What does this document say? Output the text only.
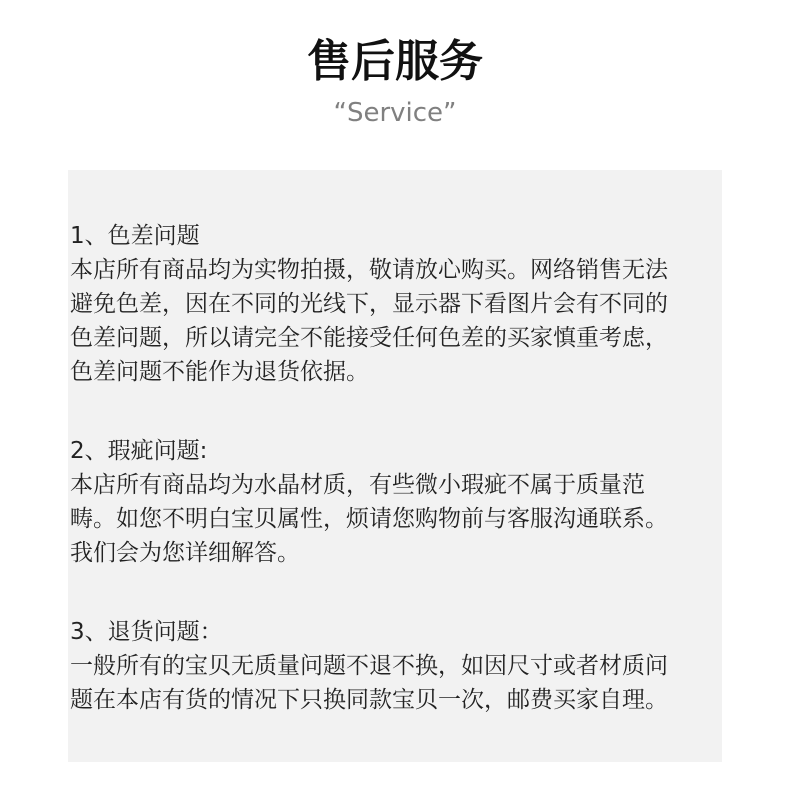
售后服务
“Service”
1、色差问题
本店所有商品均为实物拍摄，敬请放心购买。网络销售无法
避免色差，因在不同的光线下，显示器下看图片会有不同的
色差问题，所以请完全不能接受任何色差的买家慎重考虑，
色差问题不能作为退货依据。
2、瑕疵问题:
本店所有商品均为水晶材质，有些微小瑕疵不属于质量范
畴。如您不明白宝贝属性，烦请您购物前与客服沟通联系。
我们会为您详细解答。
3、退货问题：
一般所有的宝贝无质量问题不退不换，如因尺寸或者材质问
题在本店有货的情况下只换同款宝贝一次，邮费买家自理。
